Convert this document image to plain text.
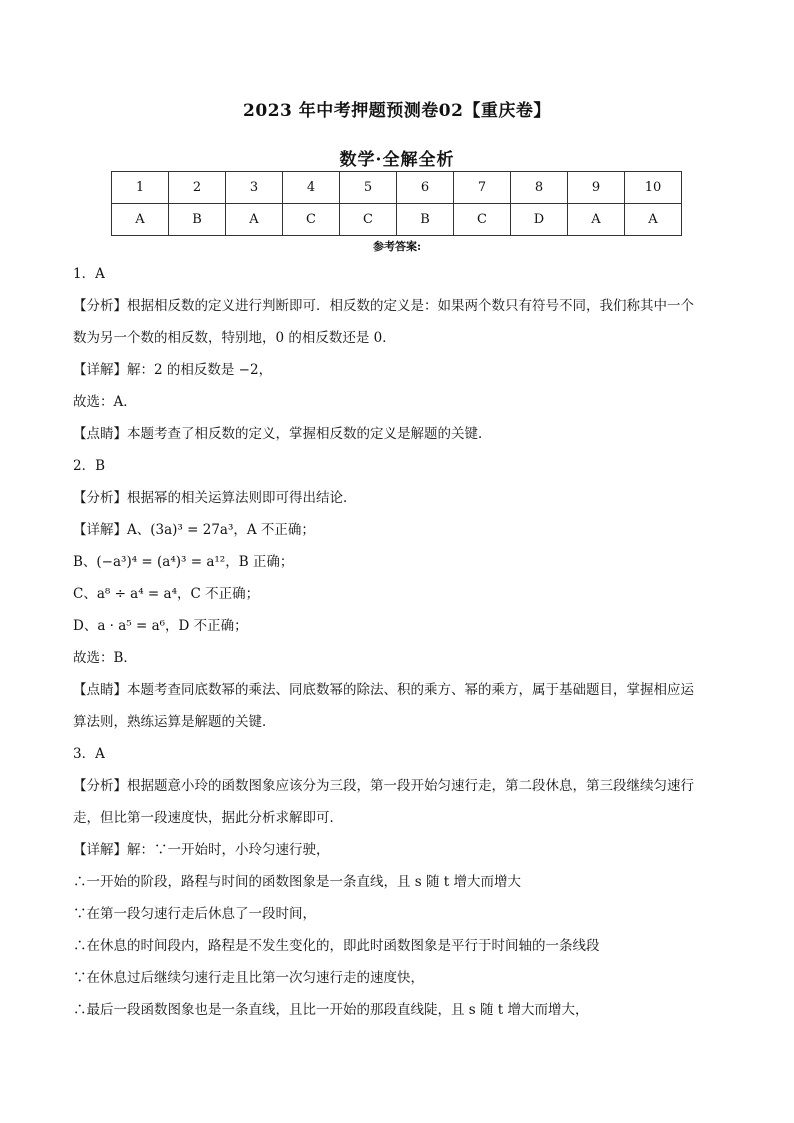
2023 年中考押题预测卷02【重庆卷】
数学·全解全析
1	2	3	4	5	6	7	8	9	10
A	B	A	C	C	B	C	D	A	A
参考答案:
1．A
【分析】根据相反数的定义进行判断即可．相反数的定义是：如果两个数只有符号不同，我们称其中一个
数为另一个数的相反数，特别地，0 的相反数还是 0．
【详解】解：2 的相反数是 −2，
故选：A．
【点睛】本题考查了相反数的定义，掌握相反数的定义是解题的关键．
2．B
【分析】根据幂的相关运算法则即可得出结论．
【详解】A、(3a)³ = 27a³，A 不正确；
B、(−a³)⁴ = (a⁴)³ = a¹²，B 正确；
C、a⁸ ÷ a⁴ = a⁴，C 不正确；
D、a · a⁵ = a⁶，D 不正确；
故选：B．
【点睛】本题考查同底数幂的乘法、同底数幂的除法、积的乘方、幂的乘方，属于基础题目，掌握相应运
算法则，熟练运算是解题的关键．
3．A
【分析】根据题意小玲的函数图象应该分为三段，第一段开始匀速行走，第二段休息，第三段继续匀速行
走，但比第一段速度快，据此分析求解即可．
【详解】解：∵一开始时，小玲匀速行驶，
∴一开始的阶段，路程与时间的函数图象是一条直线，且 s 随 t 增大而增大
∵在第一段匀速行走后休息了一段时间，
∴在休息的时间段内，路程是不发生变化的，即此时函数图象是平行于时间轴的一条线段
∵在休息过后继续匀速行走且比第一次匀速行走的速度快，
∴最后一段函数图象也是一条直线，且比一开始的那段直线陡，且 s 随 t 增大而增大，
